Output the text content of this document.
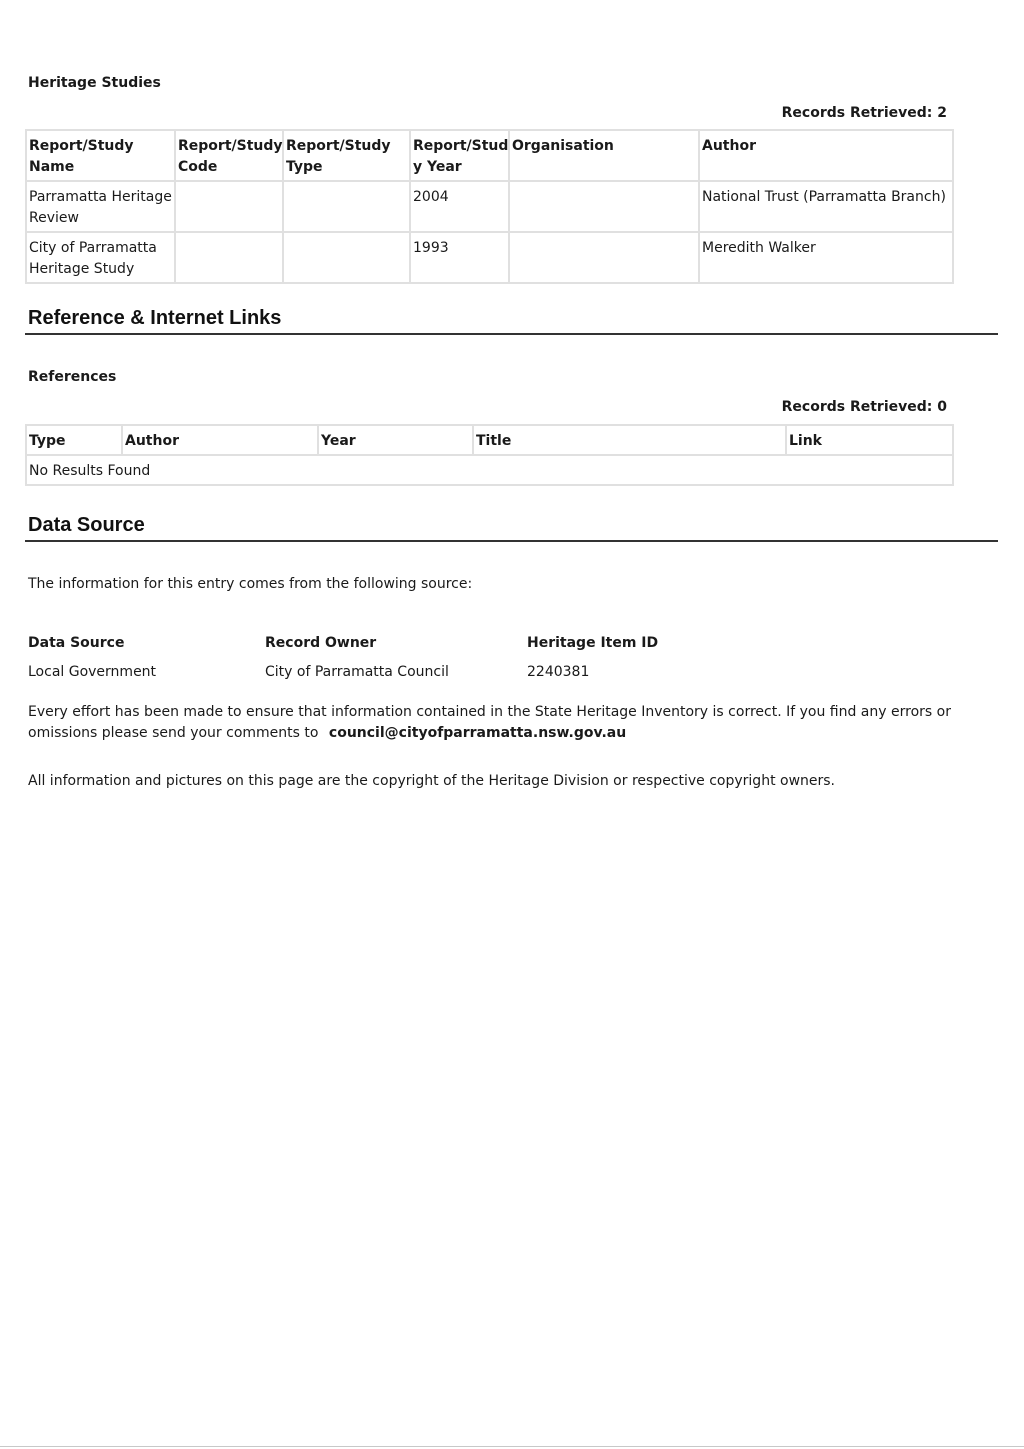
Heritage Studies
Records Retrieved: 2
Report/Study Name	Report/Study Code	Report/Study Type	Report/Stud y Year	Organisation	Author
Parramatta Heritage Review			2004		National Trust (Parramatta Branch)
City of Parramatta Heritage Study			1993		Meredith Walker
Reference & Internet Links
References
Records Retrieved: 0
Type	Author	Year	Title	Link
No Results Found
Data Source
The information for this entry comes from the following source:
Data Source	Record Owner	Heritage Item ID
Local Government	City of Parramatta Council	2240381
Every effort has been made to ensure that information contained in the State Heritage Inventory is correct. If you find any errors or omissions please send your comments to council@cityofparramatta.nsw.gov.au
All information and pictures on this page are the copyright of the Heritage Division or respective copyright owners.
